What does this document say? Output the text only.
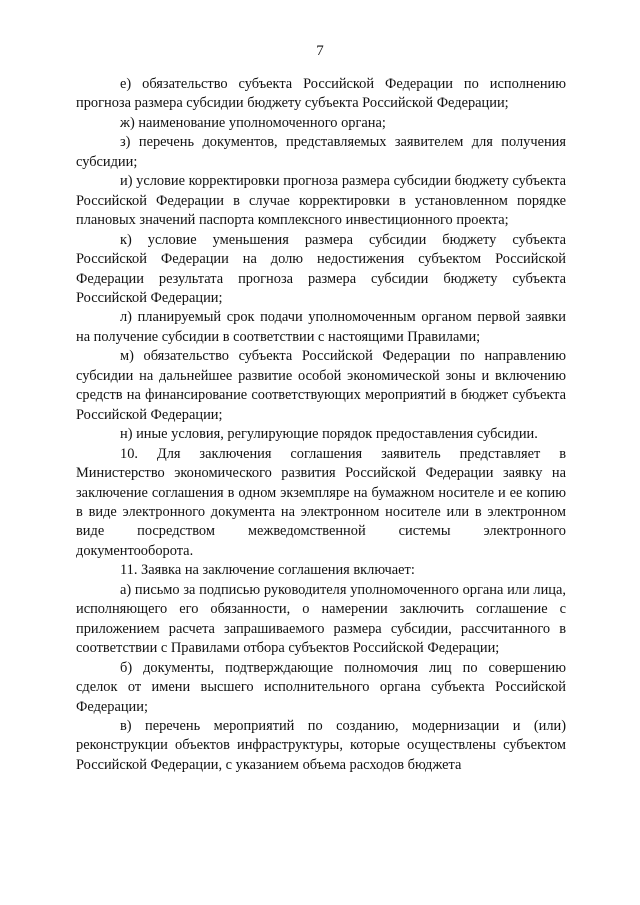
7

е) обязательство субъекта Российской Федерации по исполнению прогноза размера субсидии бюджету субъекта Российской Федерации;

ж) наименование уполномоченного органа;

з) перечень документов, представляемых заявителем для получения субсидии;

и) условие корректировки прогноза размера субсидии бюджету субъекта Российской Федерации в случае корректировки в установленном порядке плановых значений паспорта комплексного инвестиционного проекта;

к) условие уменьшения размера субсидии бюджету субъекта Российской Федерации на долю недостижения субъектом Российской Федерации результата прогноза размера субсидии бюджету субъекта Российской Федерации;

л) планируемый срок подачи уполномоченным органом первой заявки на получение субсидии в соответствии с настоящими Правилами;

м) обязательство субъекта Российской Федерации по направлению субсидии на дальнейшее развитие особой экономической зоны и включению средств на финансирование соответствующих мероприятий в бюджет субъекта Российской Федерации;

н) иные условия, регулирующие порядок предоставления субсидии.

10. Для заключения соглашения заявитель представляет в Министерство экономического развития Российской Федерации заявку на заключение соглашения в одном экземпляре на бумажном носителе и ее копию в виде электронного документа на электронном носителе или в электронном виде посредством межведомственной системы электронного документооборота.

11. Заявка на заключение соглашения включает:

а) письмо за подписью руководителя уполномоченного органа или лица, исполняющего его обязанности, о намерении заключить соглашение с приложением расчета запрашиваемого размера субсидии, рассчитанного в соответствии с Правилами отбора субъектов Российской Федерации;

б) документы, подтверждающие полномочия лиц по совершению сделок от имени высшего исполнительного органа субъекта Российской Федерации;

в) перечень мероприятий по созданию, модернизации и (или) реконструкции объектов инфраструктуры, которые осуществлены субъектом Российской Федерации, с указанием объема расходов бюджета
